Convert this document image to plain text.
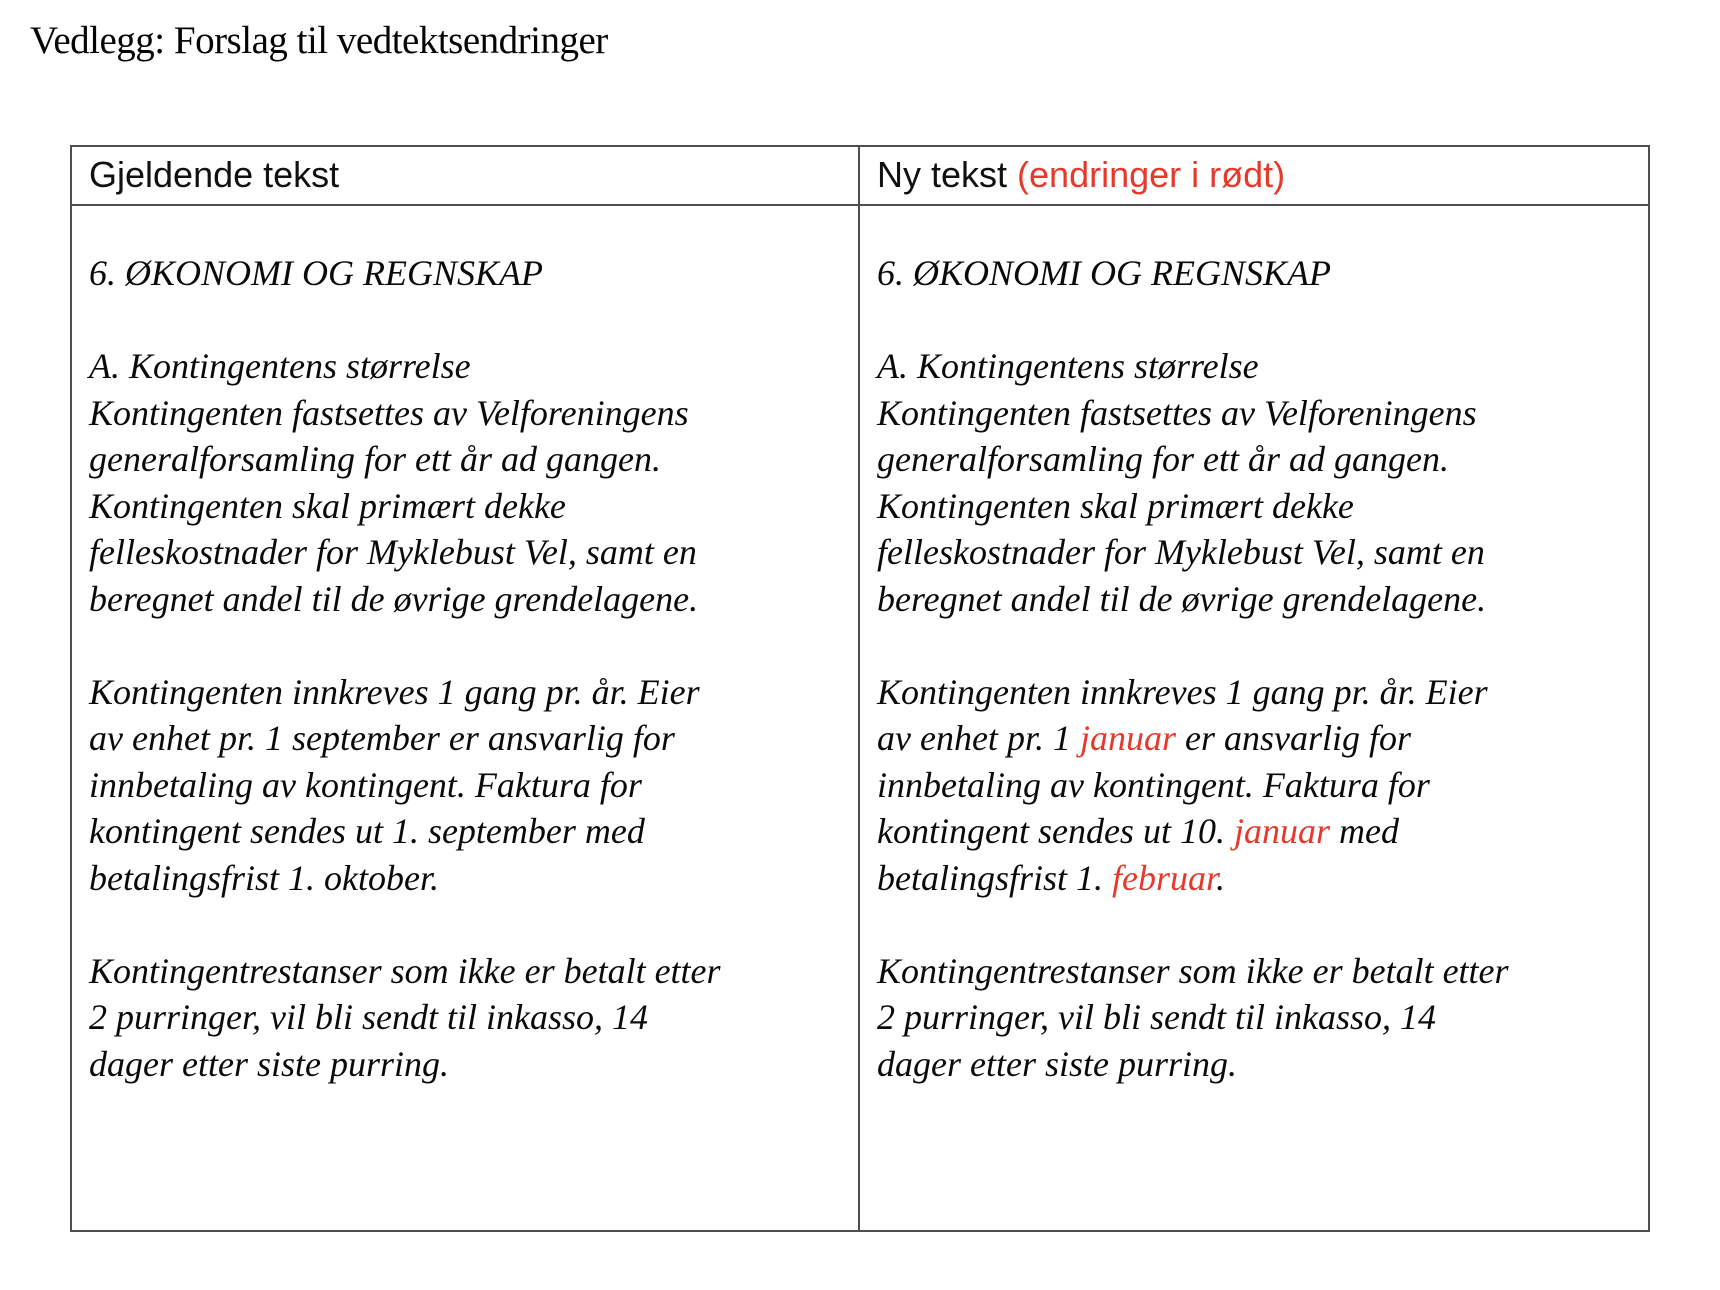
Vedlegg: Forslag til vedtektsendringer
Gjeldende tekst	Ny tekst (endringer i rødt)
6. ØKONOMI OG REGNSKAP
A. Kontingentens størrelse
Kontingenten fastsettes av Velforeningens
generalforsamling for ett år ad gangen.
Kontingenten skal primært dekke
felleskostnader for Myklebust Vel, samt en
beregnet andel til de øvrige grendelagene.
Kontingenten innkreves 1 gang pr. år. Eier
av enhet pr. 1 september er ansvarlig for
innbetaling av kontingent. Faktura for
kontingent sendes ut 1. september med
betalingsfrist 1. oktober.
Kontingentrestanser som ikke er betalt etter
2 purringer, vil bli sendt til inkasso, 14
dager etter siste purring.
6. ØKONOMI OG REGNSKAP
A. Kontingentens størrelse
Kontingenten fastsettes av Velforeningens
generalforsamling for ett år ad gangen.
Kontingenten skal primært dekke
felleskostnader for Myklebust Vel, samt en
beregnet andel til de øvrige grendelagene.
Kontingenten innkreves 1 gang pr. år. Eier
av enhet pr. 1 januar er ansvarlig for
innbetaling av kontingent. Faktura for
kontingent sendes ut 10. januar med
betalingsfrist 1. februar.
Kontingentrestanser som ikke er betalt etter
2 purringer, vil bli sendt til inkasso, 14
dager etter siste purring.
